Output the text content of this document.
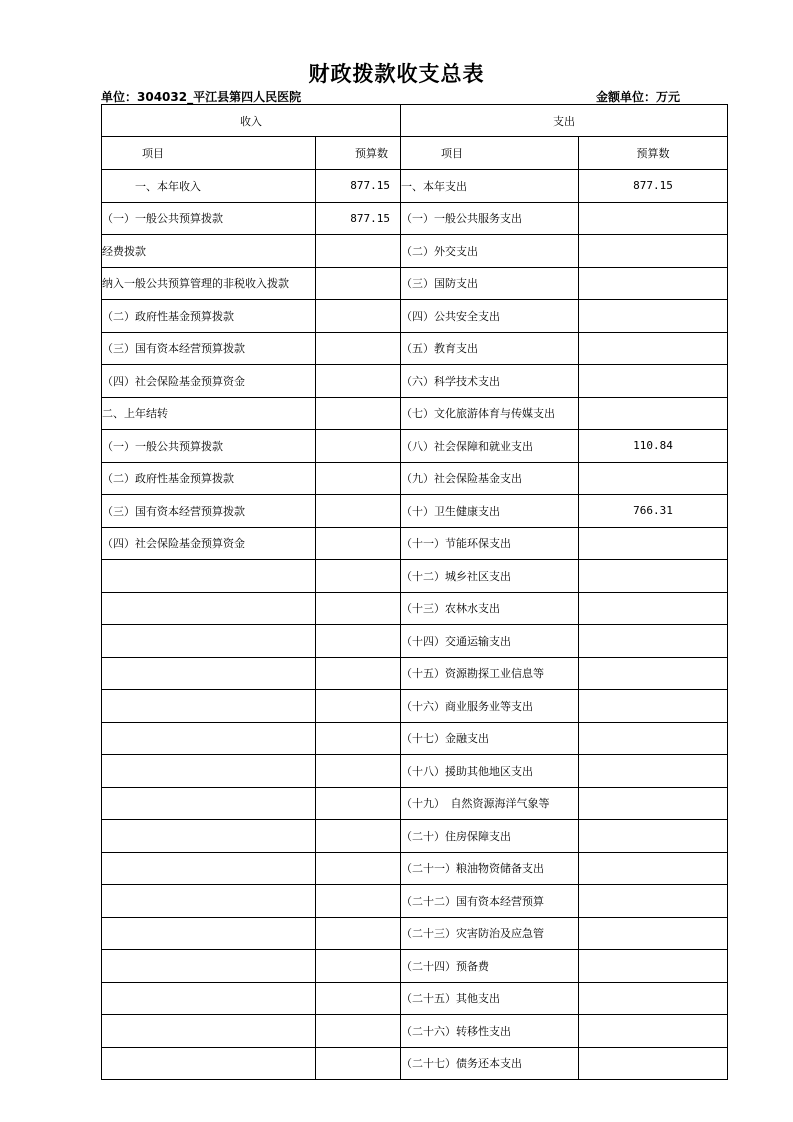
财政拨款收支总表
单位：304032_平江县第四人民医院	金额单位：万元
收入		支出	
项目	预算数	项目	预算数
　　　一、本年收入	877.15	一、本年支出	877.15
（一）一般公共预算拨款	877.15	（一）一般公共服务支出	
经费拨款		（二）外交支出	
纳入一般公共预算管理的非税收入拨款		（三）国防支出	
（二）政府性基金预算拨款		（四）公共安全支出	
（三）国有资本经营预算拨款		（五）教育支出	
（四）社会保险基金预算资金		（六）科学技术支出	
二、上年结转		（七）文化旅游体育与传媒支出	
（一）一般公共预算拨款		（八）社会保障和就业支出	110.84
（二）政府性基金预算拨款		（九）社会保险基金支出	
（三）国有资本经营预算拨款		（十）卫生健康支出	766.31
（四）社会保险基金预算资金		（十一）节能环保支出	
		（十二）城乡社区支出	
		（十三）农林水支出	
		（十四）交通运输支出	
		（十五）资源勘探工业信息等	
		（十六）商业服务业等支出	
		（十七）金融支出	
		（十八）援助其他地区支出	
		（十九）　自然资源海洋气象等	
		（二十）住房保障支出	
		（二十一）粮油物资储备支出	
		（二十二）国有资本经营预算	
		（二十三）灾害防治及应急管	
		（二十四）预备费	
		（二十五）其他支出	
		（二十六）转移性支出	
		（二十七）债务还本支出	
